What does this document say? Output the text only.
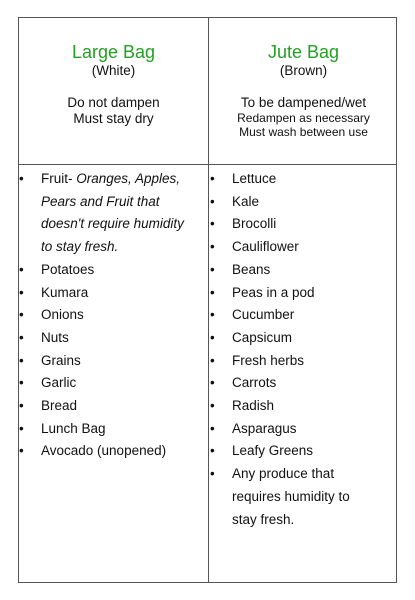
Large Bag
(White)
Do not dampen
Must stay dry
Jute Bag
(Brown)
To be dampened/wet
Redampen as necessary
Must wash between use
• Fruit- Oranges, Apples, Pears and Fruit that doesn't require humidity to stay fresh.
• Potatoes
• Kumara
• Onions
• Nuts
• Grains
• Garlic
• Bread
• Lunch Bag
• Avocado (unopened)
• Lettuce
• Kale
• Brocolli
• Cauliflower
• Beans
• Peas in a pod
• Cucumber
• Capsicum
• Fresh herbs
• Carrots
• Radish
• Asparagus
• Leafy Greens
• Any produce that requires humidity to stay fresh.
